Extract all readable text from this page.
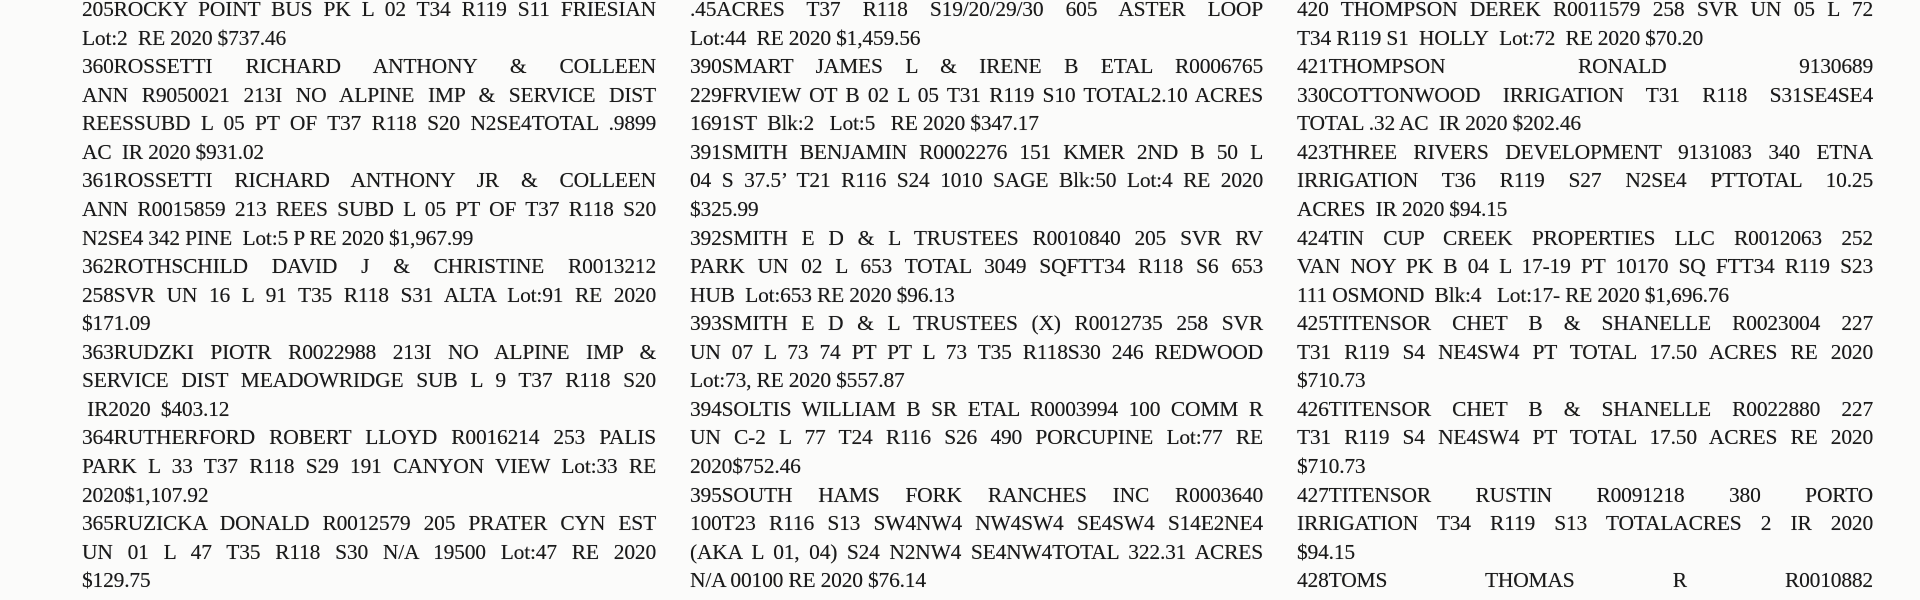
205ROCKY POINT BUS PK L 02 T34 R119 S11 FRIESIAN
Lot:2  RE 2020 $737.46
360ROSSETTI RICHARD ANTHONY & COLLEEN
ANN R9050021 213I NO ALPINE IMP & SERVICE DIST
REESSUBD L 05 PT OF T37 R118 S20 N2SE4TOTAL .9899
AC  IR 2020 $931.02
361ROSSETTI RICHARD ANTHONY JR & COLLEEN
ANN R0015859 213 REES SUBD L 05 PT OF T37 R118 S20
N2SE4 342 PINE  Lot:5 P RE 2020 $1,967.99
362ROTHSCHILD DAVID J & CHRISTINE R0013212
258SVR UN 16 L 91 T35 R118 S31 ALTA Lot:91 RE 2020
$171.09
363RUDZKI PIOTR R0022988 213I NO ALPINE IMP &
SERVICE DIST MEADOWRIDGE SUB L 9 T37 R118 S20
IR2020  $403.12
364RUTHERFORD ROBERT LLOYD R0016214 253 PALIS
PARK L 33 T37 R118 S29 191 CANYON VIEW Lot:33 RE
2020$1,107.92
365RUZICKA DONALD R0012579 205 PRATER CYN EST
UN 01 L 47 T35 R118 S30 N/A 19500 Lot:47 RE 2020
$129.75
.45ACRES T37 R118 S19/20/29/30 605 ASTER LOOP
Lot:44  RE 2020 $1,459.56
390SMART JAMES L & IRENE B ETAL R0006765
229FRVIEW OT B 02 L 05 T31 R119 S10 TOTAL2.10 ACRES
1691ST  Blk:2   Lot:5   RE 2020 $347.17
391SMITH BENJAMIN R0002276 151 KMER 2ND B 50 L
04 S 37.5’ T21 R116 S24 1010 SAGE Blk:50 Lot:4 RE 2020
$325.99
392SMITH E D & L TRUSTEES R0010840 205 SVR RV
PARK UN 02 L 653 TOTAL 3049 SQFTT34 R118 S6 653
HUB  Lot:653 RE 2020 $96.13
393SMITH E D & L TRUSTEES (X) R0012735 258 SVR
UN 07 L 73 74 PT PT L 73 T35 R118S30 246 REDWOOD
Lot:73, RE 2020 $557.87
394SOLTIS WILLIAM B SR ETAL R0003994 100 COMM R
UN C-2 L 77 T24 R116 S26 490 PORCUPINE Lot:77 RE
2020$752.46
395SOUTH HAMS FORK RANCHES INC R0003640
100T23 R116 S13 SW4NW4 NW4SW4 SE4SW4 S14E2NE4
(AKA L 01, 04) S24 N2NW4 SE4NW4TOTAL 322.31 ACRES
N/A 00100 RE 2020 $76.14
420 THOMPSON DEREK R0011579 258 SVR UN 05 L 72
T34 R119 S1  HOLLY  Lot:72  RE 2020 $70.20
421THOMPSON RONALD 9130689
330COTTONWOOD IRRIGATION T31 R118 S31SE4SE4
TOTAL .32 AC  IR 2020 $202.46
423THREE RIVERS DEVELOPMENT 9131083 340 ETNA
IRRIGATION T36 R119 S27 N2SE4 PTTOTAL 10.25
ACRES  IR 2020 $94.15
424TIN CUP CREEK PROPERTIES LLC R0012063 252
VAN NOY PK B 04 L 17-19 PT 10170 SQ FTT34 R119 S23
111 OSMOND  Blk:4   Lot:17- RE 2020 $1,696.76
425TITENSOR CHET B & SHANELLE R0023004 227
T31 R119 S4 NE4SW4 PT TOTAL 17.50 ACRES RE 2020
$710.73
426TITENSOR CHET B & SHANELLE R0022880 227
T31 R119 S4 NE4SW4 PT TOTAL 17.50 ACRES RE 2020
$710.73
427TITENSOR RUSTIN R0091218 380 PORTO
IRRIGATION T34 R119 S13 TOTALACRES 2 IR 2020
$94.15
428TOMS THOMAS R R0010882
